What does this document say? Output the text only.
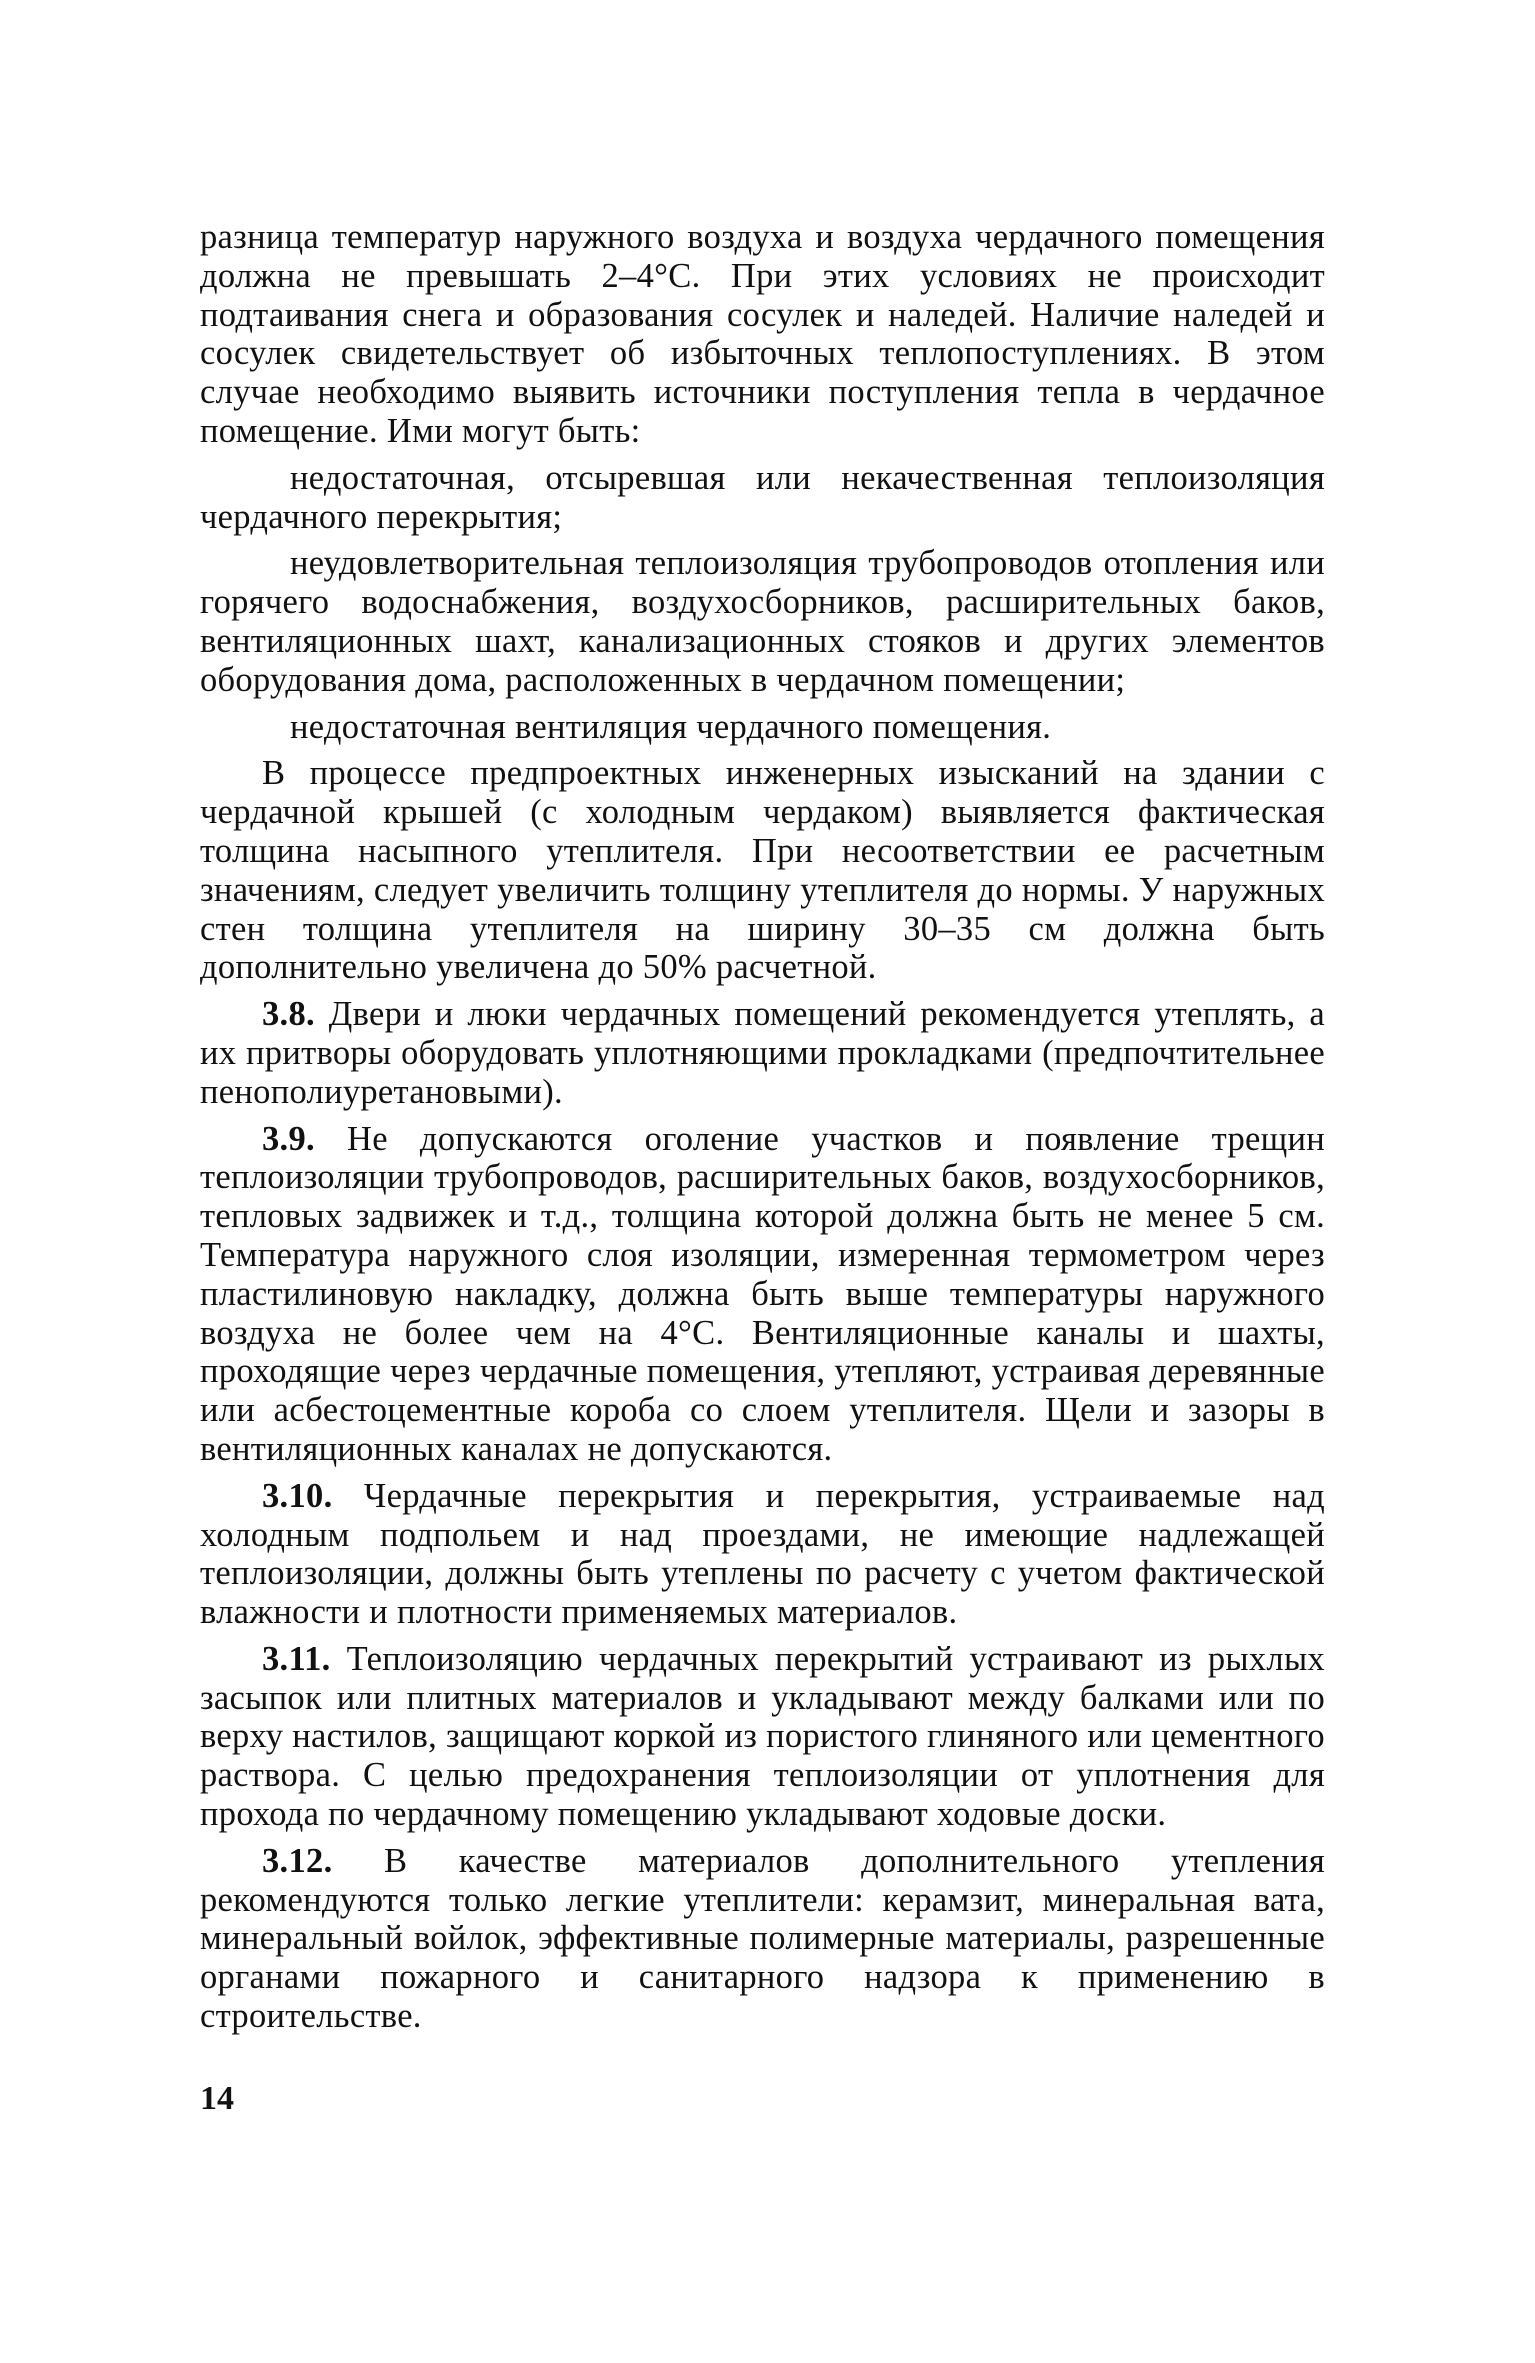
разница температур наружного воздуха и воздуха чердачного помещения должна не превышать 2–4°С. При этих условиях не происходит подтаивания снега и образования сосулек и наледей. Наличие наледей и сосулек свидетельствует об избыточных теплопоступлениях. В этом случае необходимо выявить источники поступления тепла в чердачное помещение. Ими могут быть:

недостаточная, отсыревшая или некачественная теплоизоляция чердачного перекрытия;

неудовлетворительная теплоизоляция трубопроводов отопления или горячего водоснабжения, воздухосборников, расширительных баков, вентиляционных шахт, канализационных стояков и других элементов оборудования дома, расположенных в чердачном помещении;

недостаточная вентиляция чердачного помещения.

В процессе предпроектных инженерных изысканий на здании с чердачной крышей (с холодным чердаком) выявляется фактическая толщина насыпного утеплителя. При несоответствии ее расчетным значениям, следует увеличить толщину утеплителя до нормы. У наружных стен толщина утеплителя на ширину 30–35 см должна быть дополнительно увеличена до 50% расчетной.

3.8. Двери и люки чердачных помещений рекомендуется утеплять, а их притворы оборудовать уплотняющими прокладками (предпочтительнее пенополиуретановыми).

3.9. Не допускаются оголение участков и появление трещин теплоизоляции трубопроводов, расширительных баков, воздухосборников, тепловых задвижек и т.д., толщина которой должна быть не менее 5 см. Температура наружного слоя изоляции, измеренная термометром через пластилиновую накладку, должна быть выше температуры наружного воздуха не более чем на 4°С. Вентиляционные каналы и шахты, проходящие через чердачные помещения, утепляют, устраивая деревянные или асбестоцементные короба со слоем утеплителя. Щели и зазоры в вентиляционных каналах не допускаются.

3.10. Чердачные перекрытия и перекрытия, устраиваемые над холодным подпольем и над проездами, не имеющие надлежащей теплоизоляции, должны быть утеплены по расчету с учетом фактической влажности и плотности применяемых материалов.

3.11. Теплоизоляцию чердачных перекрытий устраивают из рыхлых засыпок или плитных материалов и укладывают между балками или по верху настилов, защищают коркой из пористого глиняного или цементного раствора. С целью предохранения теплоизоляции от уплотнения для прохода по чердачному помещению укладывают ходовые доски.

3.12. В качестве материалов дополнительного утепления рекомендуются только легкие утеплители: керамзит, минеральная вата, минеральный войлок, эффективные полимерные материалы, разрешенные органами пожарного и санитарного надзора к применению в строительстве.

14
